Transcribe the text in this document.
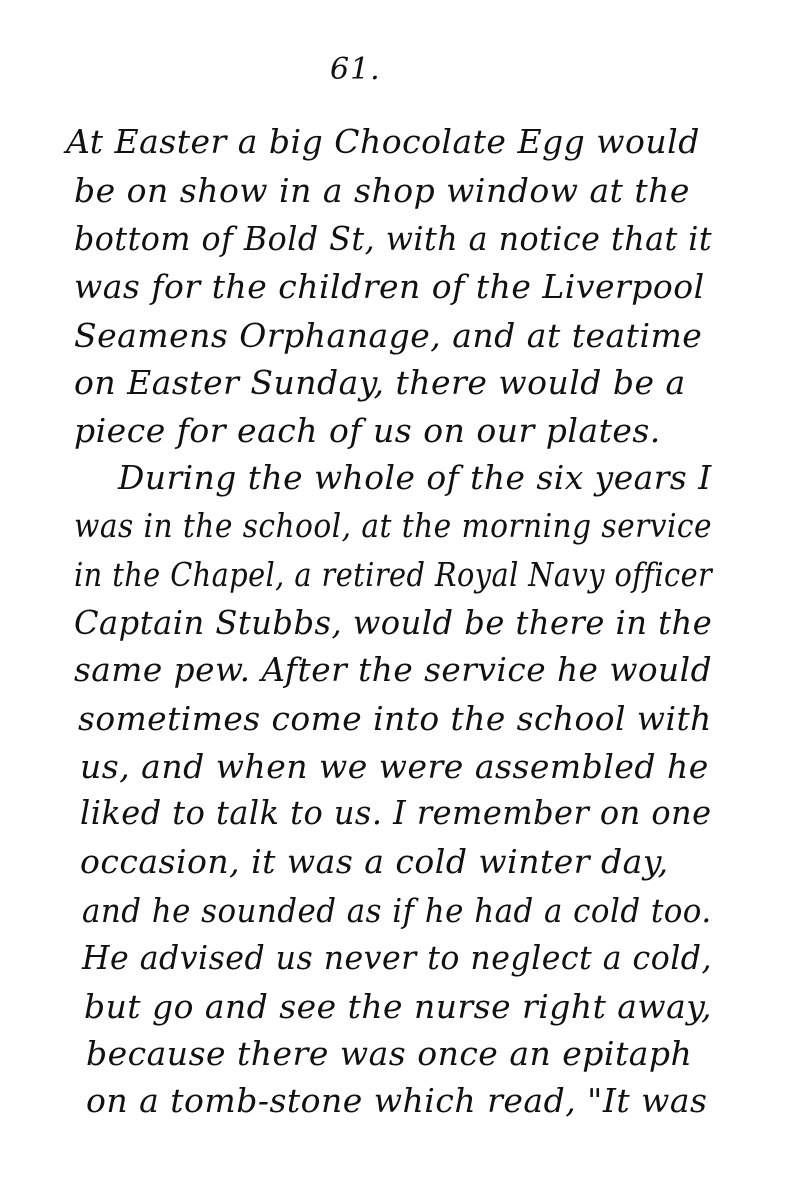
61.
At Easter a big Chocolate Egg would
be on show in a shop window at the
bottom of Bold St, with a notice that it
was for the children of the Liverpool
Seamens Orphanage, and at teatime
on Easter Sunday, there would be a
piece for each of us on our plates.
During the whole of the six years I
was in the school, at the morning service
in the Chapel, a retired Royal Navy officer
Captain Stubbs, would be there in the
same pew. After the service he would
sometimes come into the school with
us, and when we were assembled he
liked to talk to us. I remember on one
occasion, it was a cold winter day,
and he sounded as if he had a cold too.
He advised us never to neglect a cold,
but go and see the nurse right away,
because there was once an epitaph
on a tomb-stone which read, "It was
